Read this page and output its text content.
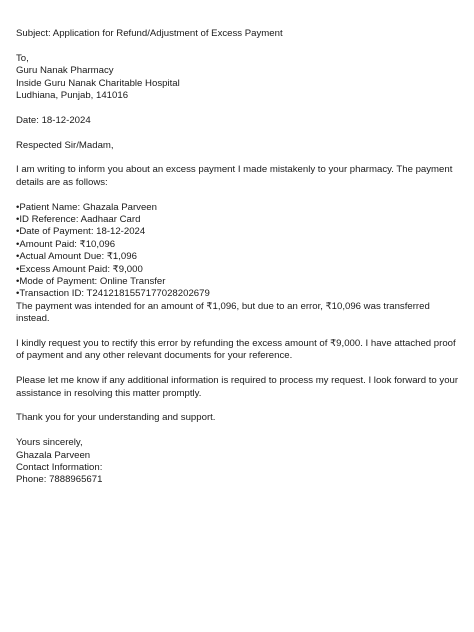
Subject: Application for Refund/Adjustment of Excess Payment
To,
Guru Nanak Pharmacy
Inside Guru Nanak Charitable Hospital
Ludhiana, Punjab, 141016
Date: 18-12-2024
Respected Sir/Madam,
I am writing to inform you about an excess payment I made mistakenly to your pharmacy. The payment details are as follows:
•Patient Name: Ghazala Parveen
•ID Reference: Aadhaar Card
•Date of Payment: 18-12-2024
•Amount Paid: ₹10,096
•Actual Amount Due: ₹1,096
•Excess Amount Paid: ₹9,000
•Mode of Payment: Online Transfer
•Transaction ID: T2412181557177028202679
The payment was intended for an amount of ₹1,096, but due to an error, ₹10,096 was transferred instead.
I kindly request you to rectify this error by refunding the excess amount of ₹9,000. I have attached proof of payment and any other relevant documents for your reference.
Please let me know if any additional information is required to process my request. I look forward to your assistance in resolving this matter promptly.
Thank you for your understanding and support.
Yours sincerely,
Ghazala Parveen
Contact Information:
Phone: 7888965671
